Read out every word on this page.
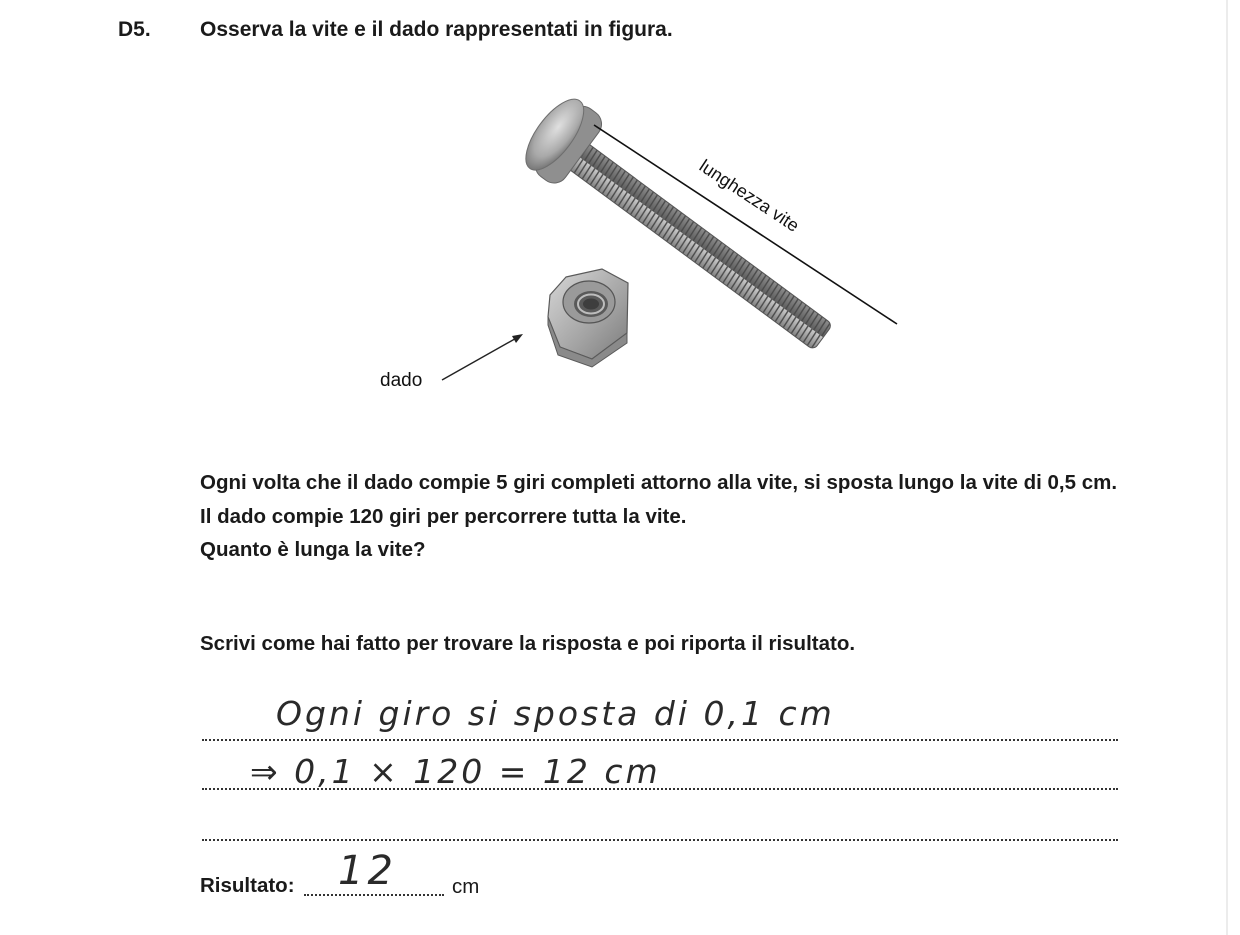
D5. Osserva la vite e il dado rappresentati in figura.
lunghezza vite
dado

Ogni volta che il dado compie 5 giri completi attorno alla vite, si sposta lungo la vite di 0,5 cm.

Il dado compie 120 giri per percorrere tutta la vite.

Quanto è lunga la vite?

Scrivi come hai fatto per trovare la risposta e poi riporta il risultato.
Ogni giro si sposta di 0,1 cm
⇒ 0,1 × 120 = 12 cm
Risultato: 12	cm
